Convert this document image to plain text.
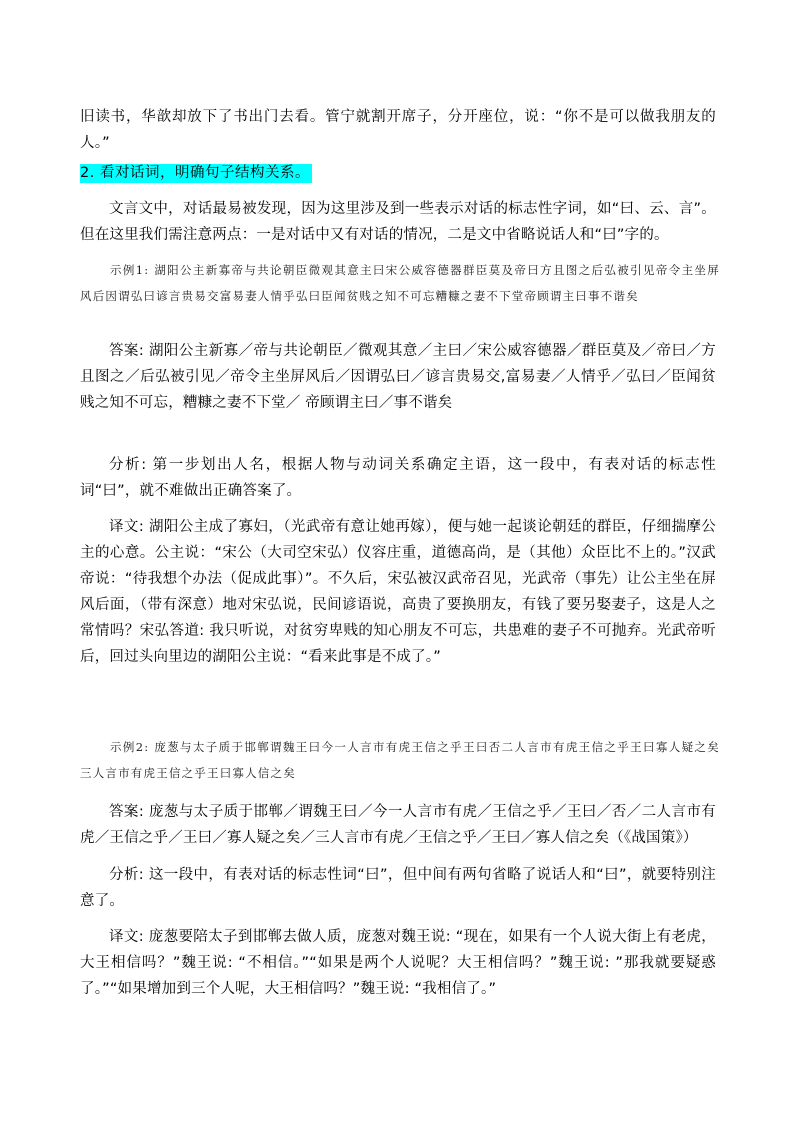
旧读书，华歆却放下了书出门去看。管宁就割开席子，分开座位，说：“你不是可以做我朋友的人。”

2. 看对话词，明确句子结构关系。

文言文中，对话最易被发现，因为这里涉及到一些表示对话的标志性字词，如“曰、云、言”。但在这里我们需注意两点：一是对话中又有对话的情况，二是文中省略说话人和“曰”字的。

示例1: 湖阳公主新寡帝与共论朝臣微观其意主曰宋公威容德器群臣莫及帝曰方且图之后弘被引见帝令主坐屏风后因谓弘曰谚言贵易交富易妻人情乎弘曰臣闻贫贱之知不可忘糟糠之妻不下堂帝顾谓主曰事不谐矣

答案: 湖阳公主新寡／帝与共论朝臣／微观其意／主曰／宋公威容德器／群臣莫及／帝曰／方且图之／后弘被引见／帝令主坐屏风后／因谓弘曰／谚言贵易交,富易妻／人情乎／弘曰／臣闻贫贱之知不可忘，糟糠之妻不下堂／ 帝顾谓主曰／事不谐矣

分析: 第一步划出人名，根据人物与动词关系确定主语，这一段中，有表对话的标志性词“曰”，就不难做出正确答案了。

译文: 湖阳公主成了寡妇，（光武帝有意让她再嫁），便与她一起谈论朝廷的群臣，仔细揣摩公主的心意。公主说：“宋公（大司空宋弘）仪容庄重，道德高尚，是（其他）众臣比不上的。”汉武帝说：“待我想个办法（促成此事）”。不久后，宋弘被汉武帝召见，光武帝（事先）让公主坐在屏风后面，（带有深意）地对宋弘说，民间谚语说，高贵了要换朋友，有钱了要另娶妻子，这是人之常情吗？宋弘答道: 我只听说，对贫穷卑贱的知心朋友不可忘，共患难的妻子不可抛弃。光武帝听后，回过头向里边的湖阳公主说：“看来此事是不成了。”

示例2: 庞葱与太子质于邯郸谓魏王曰今一人言市有虎王信之乎王曰否二人言市有虎王信之乎王曰寡人疑之矣三人言市有虎王信之乎王曰寡人信之矣

答案: 庞葱与太子质于邯郸／谓魏王曰／今一人言市有虎／王信之乎／王曰／否／二人言市有虎／王信之乎／王曰／寡人疑之矣／三人言市有虎／王信之乎／王曰／寡人信之矣（《战国策》）

分析: 这一段中，有表对话的标志性词“曰”，但中间有两句省略了说话人和“曰”，就要特别注意了。

译文: 庞葱要陪太子到邯郸去做人质，庞葱对魏王说: “现在，如果有一个人说大街上有老虎，大王相信吗？”魏王说: “不相信。”“如果是两个人说呢？大王相信吗？”魏王说: ”那我就要疑惑了。”“如果增加到三个人呢，大王相信吗？”魏王说: “我相信了。”
